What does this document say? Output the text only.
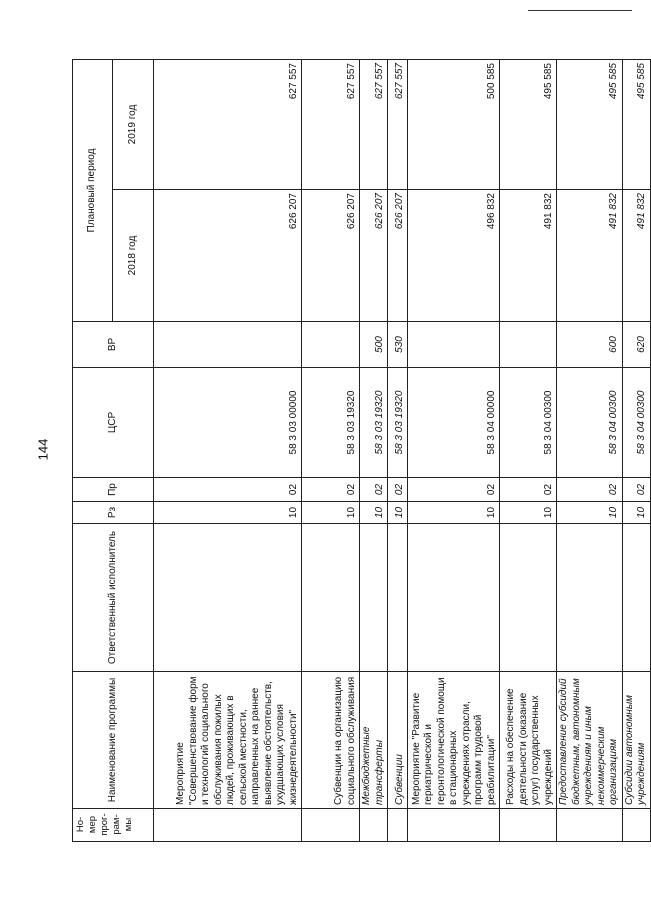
144
Но-
мер
прог-
рам-
мы	Наименование программы	Ответственный исполнитель	Рз	Пр	ЦСР	ВР	Плановый период	
							2018 год	2019 год
	Мероприятие "Совершенствование форм и технологий социального обслуживания пожилых людей, проживающих в сельской местности, направленных на раннее выявление обстоятельств, ухудшающих условия жизнедеятельности"		10	02	58 3 03 00000		626 207	627 557
	Субвенции на организацию социального обслуживания		10	02	58 3 03 19320		626 207	627 557
	Межбюджетные трансферты		10	02	58 3 03 19320	500	626 207	627 557
	Субвенции		10	02	58 3 03 19320	530	626 207	627 557
	Мероприятие "Развитие гериатрической и геронтологической помощи в стационарных учреждениях отрасли, программ трудовой реабилитации"		10	02	58 3 04 00000		496 832	500 585
	Расходы на обеспечение деятельности (оказание услуг) государственных учреждений		10	02	58 3 04 00300		491 832	495 585
	Предоставление субсидий бюджетным, автономным учреждениям и иным некоммерческим организациям		10	02	58 3 04 00300	600	491 832	495 585
	Субсидии автономным учреждениям		10	02	58 3 04 00300	620	491 832	495 585
